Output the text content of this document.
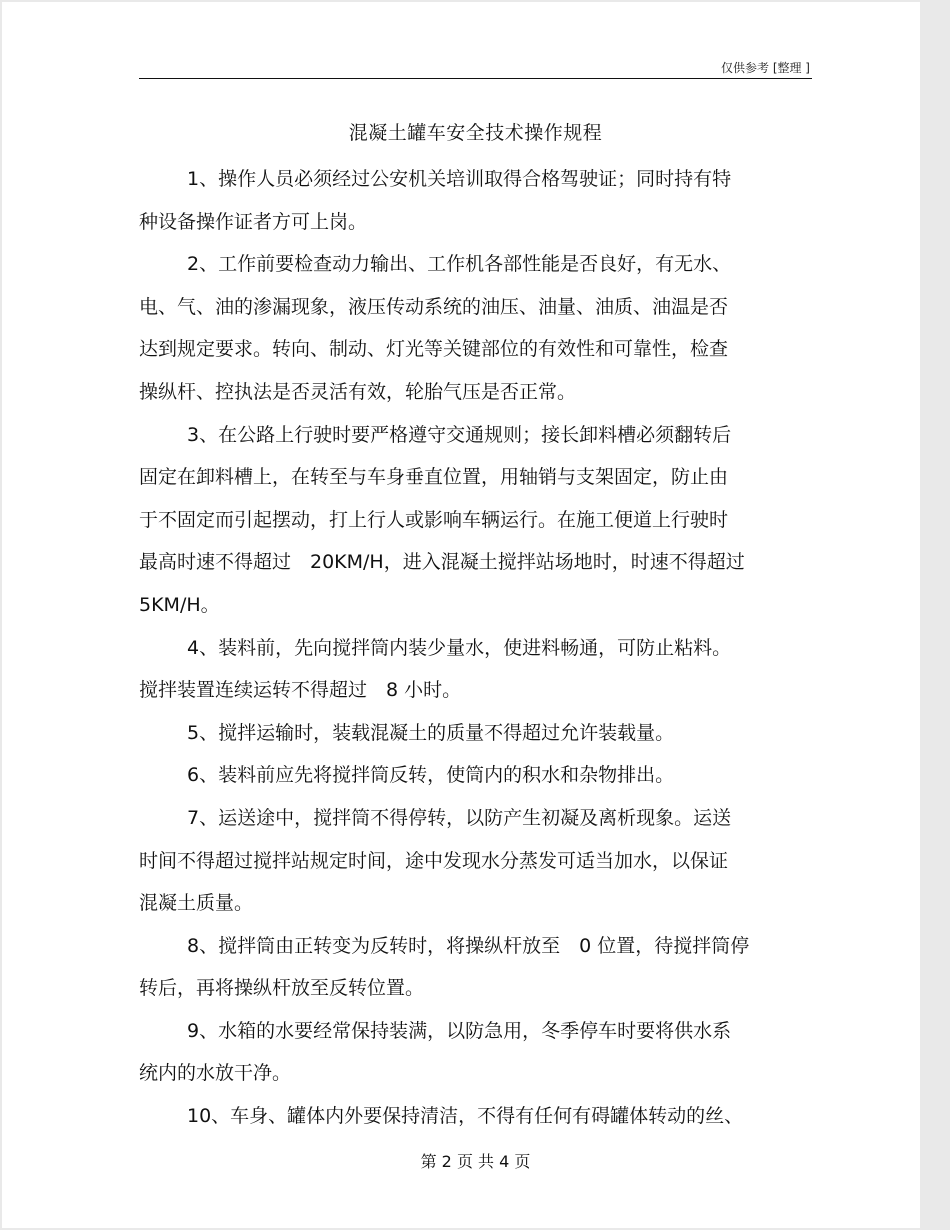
仅供参考 [整理 ]
混凝土罐车安全技术操作规程
1、操作人员必须经过公安机关培训取得合格驾驶证；同时持有特
种设备操作证者方可上岗。
2、工作前要检查动力输出、工作机各部性能是否良好，有无水、
电、气、油的渗漏现象，液压传动系统的油压、油量、油质、油温是否
达到规定要求。转向、制动、灯光等关键部位的有效性和可靠性，检查
操纵杆、控执法是否灵活有效，轮胎气压是否正常。
3、在公路上行驶时要严格遵守交通规则；接长卸料槽必须翻转后
固定在卸料槽上，在转至与车身垂直位置，用轴销与支架固定，防止由
于不固定而引起摆动，打上行人或影响车辆运行。在施工便道上行驶时
最高时速不得超过　20KM/H，进入混凝土搅拌站场地时，时速不得超过
5KM/H。
4、装料前，先向搅拌筒内装少量水，使进料畅通，可防止粘料。
搅拌装置连续运转不得超过　8 小时。
5、搅拌运输时，装载混凝土的质量不得超过允许装载量。
6、装料前应先将搅拌筒反转，使筒内的积水和杂物排出。
7、运送途中，搅拌筒不得停转，以防产生初凝及离析现象。运送
时间不得超过搅拌站规定时间，途中发现水分蒸发可适当加水，以保证
混凝土质量。
8、搅拌筒由正转变为反转时，将操纵杆放至　0 位置，待搅拌筒停
转后，再将操纵杆放至反转位置。
9、水箱的水要经常保持装满，以防急用，冬季停车时要将供水系
统内的水放干净。
10、车身、罐体内外要保持清洁，不得有任何有碍罐体转动的丝、
第 2 页 共 4 页
